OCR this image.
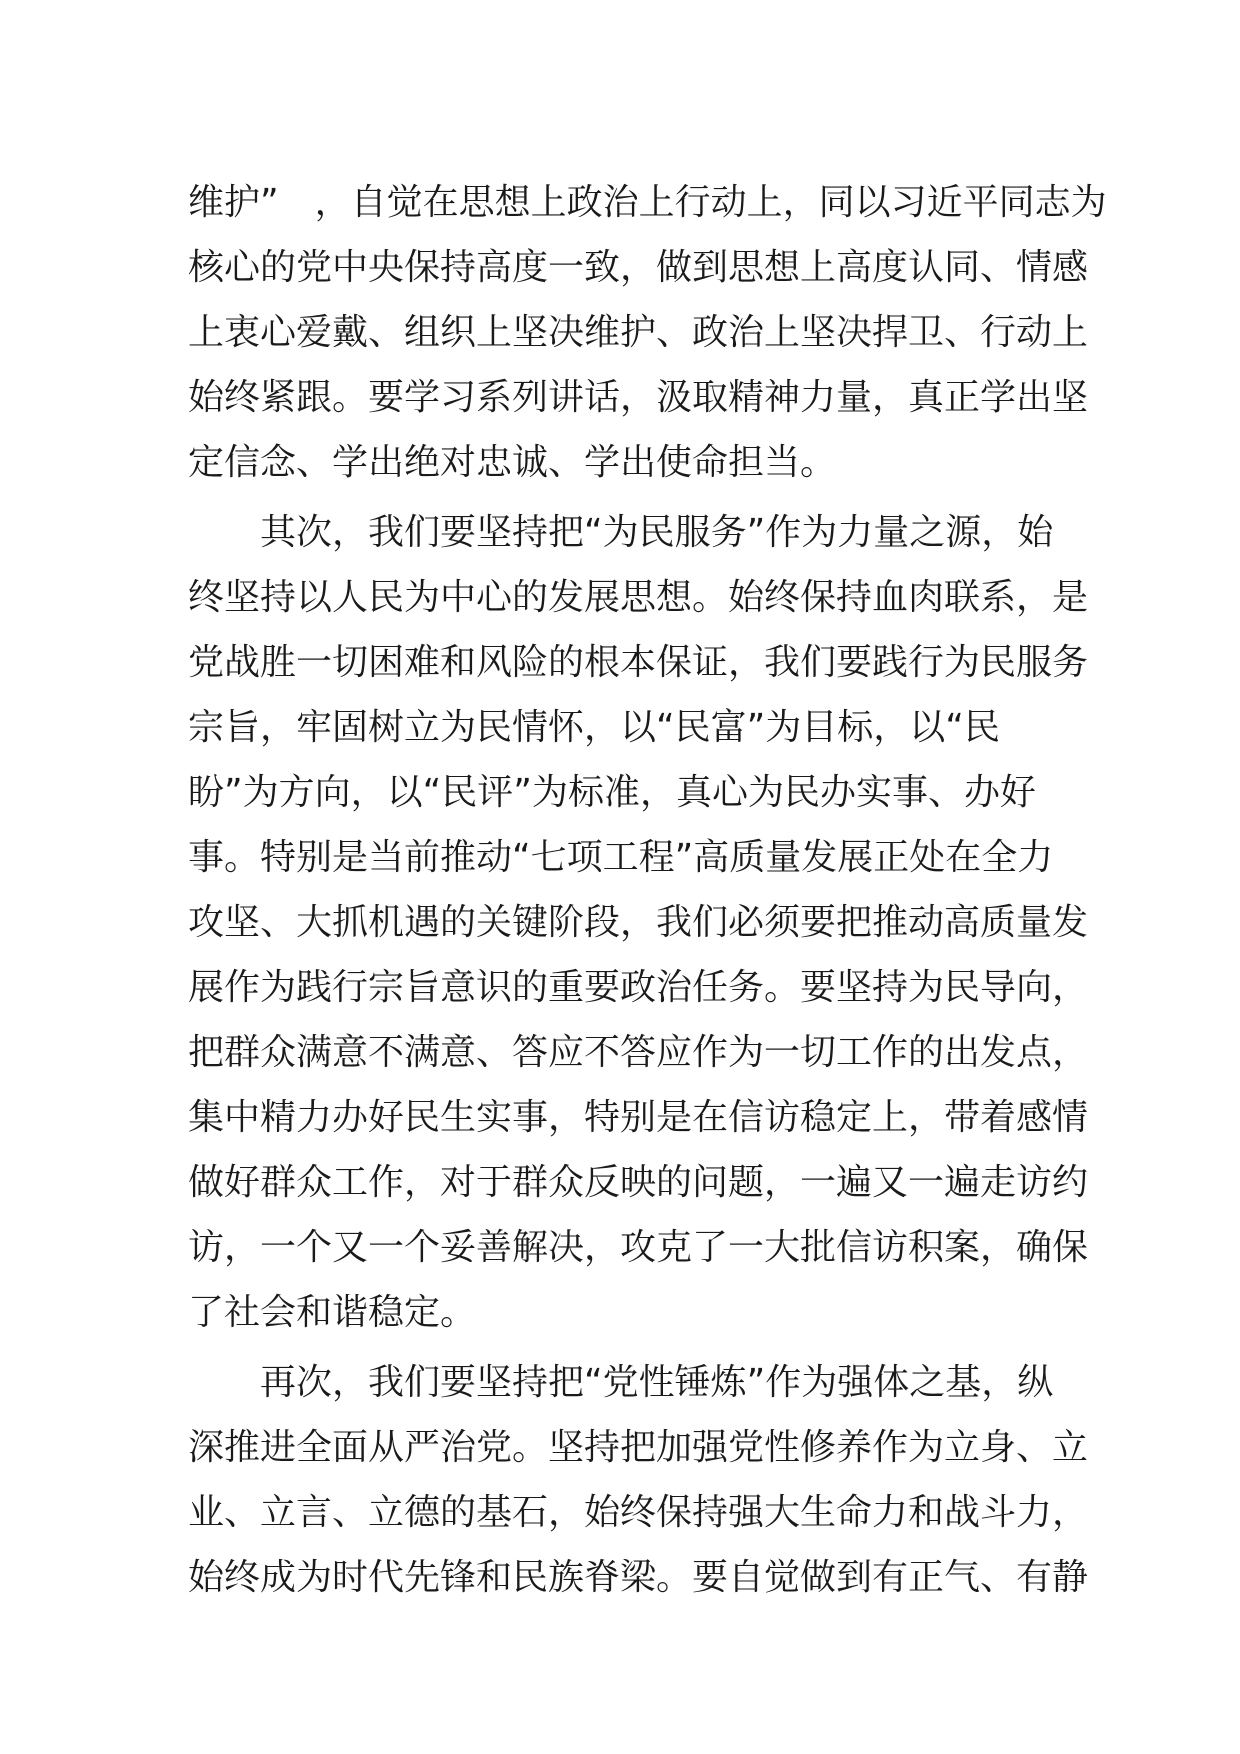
维护”　，自觉在思想上政治上行动上，同以习近平同志为
核心的党中央保持高度一致，做到思想上高度认同、情感
上衷心爱戴、组织上坚决维护、政治上坚决捍卫、行动上
始终紧跟。要学习系列讲话，汲取精神力量，真正学出坚
定信念、学出绝对忠诚、学出使命担当。
　　其次，我们要坚持把“为民服务”作为力量之源，始
终坚持以人民为中心的发展思想。始终保持血肉联系，是
党战胜一切困难和风险的根本保证，我们要践行为民服务
宗旨，牢固树立为民情怀，以“民富”为目标，以“民
盼”为方向，以“民评”为标准，真心为民办实事、办好
事。特别是当前推动“七项工程”高质量发展正处在全力
攻坚、大抓机遇的关键阶段，我们必须要把推动高质量发
展作为践行宗旨意识的重要政治任务。要坚持为民导向，
把群众满意不满意、答应不答应作为一切工作的出发点，
集中精力办好民生实事，特别是在信访稳定上，带着感情
做好群众工作，对于群众反映的问题，一遍又一遍走访约
访，一个又一个妥善解决，攻克了一大批信访积案，确保
了社会和谐稳定。
　　再次，我们要坚持把“党性锤炼”作为强体之基，纵
深推进全面从严治党。坚持把加强党性修养作为立身、立
业、立言、立德的基石，始终保持强大生命力和战斗力，
始终成为时代先锋和民族脊梁。要自觉做到有正气、有静
